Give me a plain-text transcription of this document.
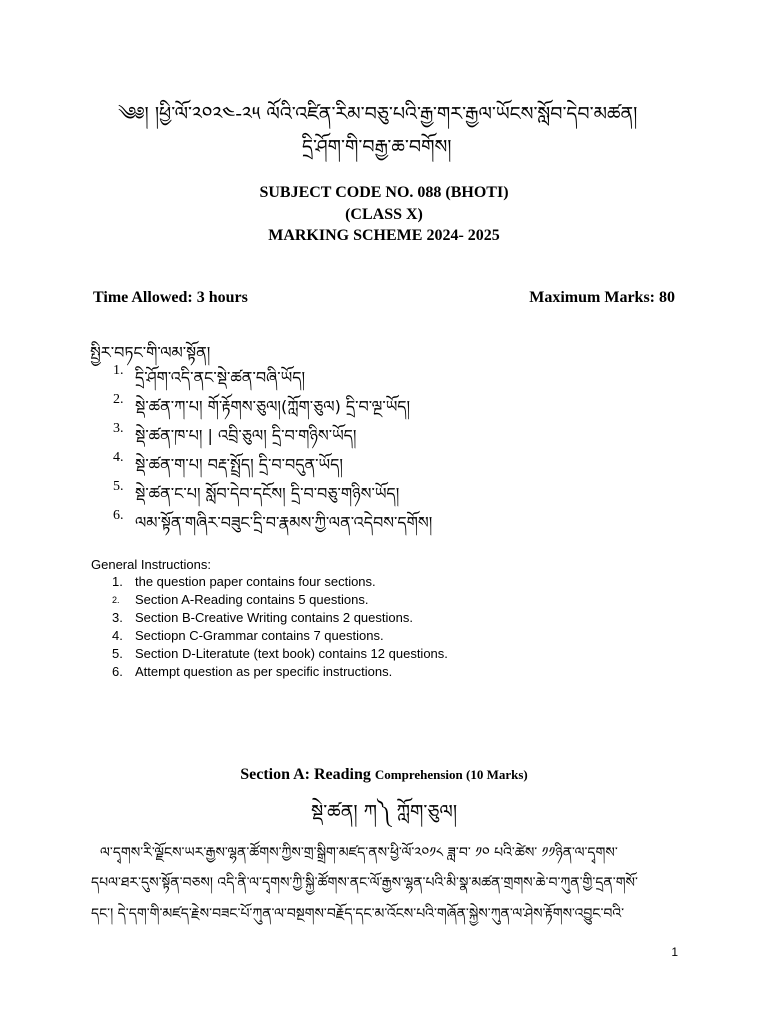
༄༅། །ཕྱི་ལོ་༢༠༢༤-༢༥ ལོའི་འཛིན་རིམ་བཅུ་པའི་རྒྱ་གར་རྒྱལ་ཡོངས་སློབ་དེབ་མཚན།
དྲི་ཤོག་གི་བརྒྱ་ཆ་བགོས།
SUBJECT CODE NO. 088 (BHOTI)
(CLASS X)
MARKING SCHEME 2024- 2025
Time Allowed: 3 hours	Maximum Marks: 80
སྤྱིར་བཏང་གི་ལམ་སྟོན།
1. དྲི་ཤོག་འདི་ནང་སྡེ་ཚན་བཞི་ཡོད།
2. སྡེ་ཚན་ཀ་པ། གོ་རྟོགས་ཅུལ།(ཀློག་ཅུལ) དྲི་བ་ལྔ་ཡོད།
3. སྡེ་ཚན་ཁ་པ། | འབྲི་ཅུལ། དྲི་བ་གཉིས་ཡོད།
4. སྡེ་ཚན་ག་པ། བརྡ་སྤྲོད། དྲི་བ་བདུན་ཡོད།
5. སྡེ་ཚན་ང་པ། སློབ་དེབ་དངོས། དྲི་བ་བཅུ་གཉིས་ཡོད།
6. ལམ་སྟོན་གཞིར་བཟུང་དྲི་བ་རྣམས་ཀྱི་ལན་འདེབས་དགོས།
General Instructions:
1. the question paper contains four sections.
2.	Section A-Reading contains 5 questions.
3. Section B-Creative Writing contains 2 questions.
4. Sectiopn C-Grammar contains 7 questions.
5. Section D-Literatute (text book) contains 12 questions.
6. Attempt question as per specific instructions.
Section A: Reading Comprehension (10 Marks)
སྡེ་ཚན། ཀ༽ ཀློག་ཅུལ།
ལ་དྭགས་རི་ལྗོངས་ཡར་རྒྱས་ལྷན་ཚོགས་ཀྱིས་གྲ་སྒྲིག་མཛད་ནས་ཕྱི་ལོ་༢༠༡༨ ཟླ་བ་ ༡༠ པའི་ཚེས་ ༡༡ཉིན་ལ་དྭགས་
དཔལ་ཐར་དུས་སྟོན་བཅས། འདི་ནི་ལ་དྭགས་ཀྱི་སྐྱི་ཚོགས་ནང་ལོ་རྒྱས་ལྷན་པའི་མི་སྣ་མཚན་གྲགས་ཆེ་བ་ཀུན་གྱི་དྲན་གསོ་
དང་། དེ་དག་གི་མཛད་རྗེས་བཟང་པོ་ཀུན་ལ་བསྔགས་བརྗོད་དང་མ་འོངས་པའི་གཞོན་སྐྱེས་ཀུན་ལ་ཤེས་རྟོགས་འབྱུང་བའི་
1
